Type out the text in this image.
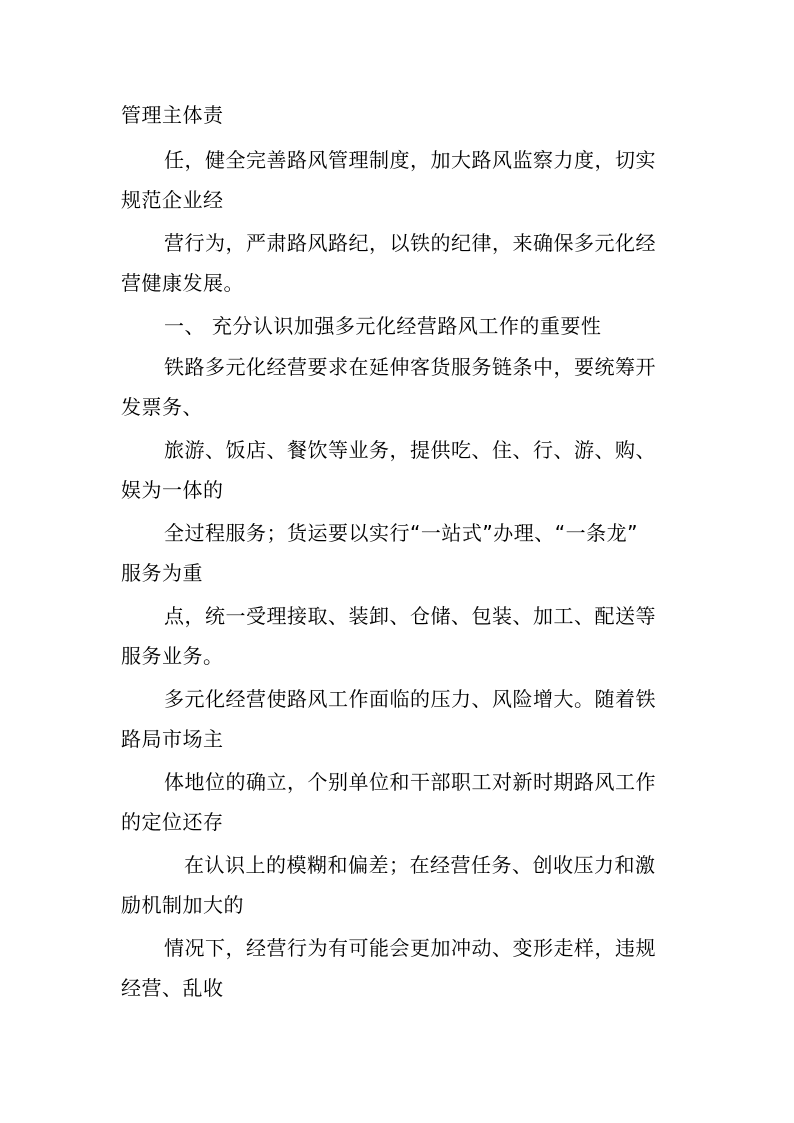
管理主体责
任，健全完善路风管理制度，加大路风监察力度，切实
规范企业经
营行为，严肃路风路纪，以铁的纪律，来确保多元化经
营健康发展。
一、 充分认识加强多元化经营路风工作的重要性
铁路多元化经营要求在延伸客货服务链条中，要统筹开
发票务、
旅游、饭店、餐饮等业务，提供吃、住、行、游、购、
娱为一体的
全过程服务；货运要以实行“一站式”办理、“一条龙”
服务为重
点，统一受理接取、装卸、仓储、包装、加工、配送等
服务业务。
多元化经营使路风工作面临的压力、风险增大。随着铁
路局市场主
体地位的确立，个别单位和干部职工对新时期路风工作
的定位还存
在认识上的模糊和偏差；在经营任务、创收压力和激
励机制加大的
情况下，经营行为有可能会更加冲动、变形走样，违规
经营、乱收
